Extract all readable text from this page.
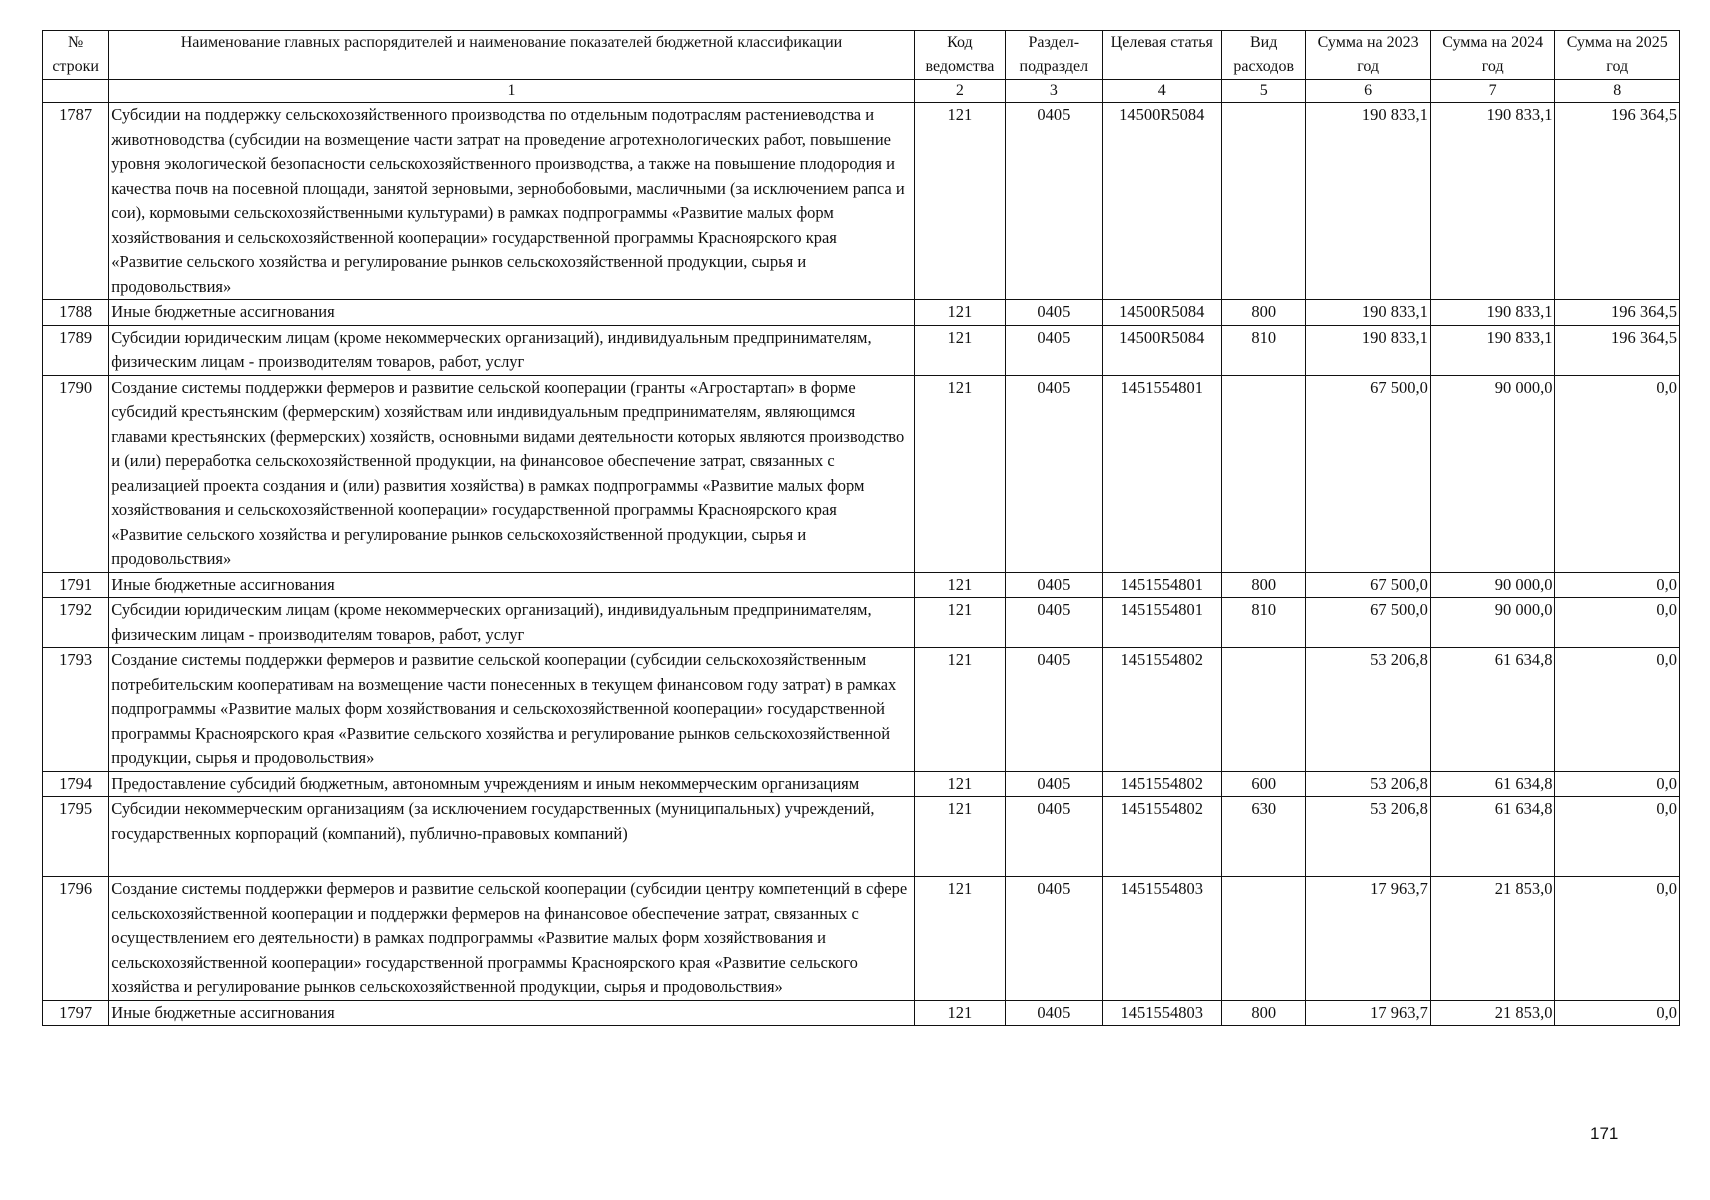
№ строки	Наименование главных распорядителей и наименование показателей бюджетной классификации	Код ведомства	Раздел-подраздел	Целевая статья	Вид расходов	Сумма на 2023 год	Сумма на 2024 год	Сумма на 2025 год
	1	2	3	4	5	6	7	8
1787	Субсидии на поддержку сельскохозяйственного производства по отдельным подотраслям растениеводства и животноводства (субсидии на возмещение части затрат на проведение агротехнологических работ, повышение уровня экологической безопасности сельскохозяйственного производства, а также на повышение плодородия и качества почв на посевной площади, занятой зерновыми, зернобобовыми, масличными (за исключением рапса и сои), кормовыми сельскохозяйственными культурами) в рамках подпрограммы «Развитие малых форм хозяйствования и сельскохозяйственной кооперации» государственной программы Красноярского края «Развитие сельского хозяйства и регулирование рынков сельскохозяйственной продукции, сырья и продовольствия»	121	0405	14500R5084		190 833,1	190 833,1	196 364,5
1788	Иные бюджетные ассигнования	121	0405	14500R5084	800	190 833,1	190 833,1	196 364,5
1789	Субсидии юридическим лицам (кроме некоммерческих организаций), индивидуальным предпринимателям, физическим лицам - производителям товаров, работ, услуг	121	0405	14500R5084	810	190 833,1	190 833,1	196 364,5
1790	Создание системы поддержки фермеров и развитие сельской кооперации (гранты «Агростартап» в форме субсидий крестьянским (фермерским) хозяйствам или индивидуальным предпринимателям, являющимся главами крестьянских (фермерских) хозяйств, основными видами деятельности которых являются производство и (или) переработка сельскохозяйственной продукции, на финансовое обеспечение затрат, связанных с реализацией проекта создания и (или) развития хозяйства) в рамках подпрограммы «Развитие малых форм хозяйствования и сельскохозяйственной кооперации» государственной программы Красноярского края «Развитие сельского хозяйства и регулирование рынков сельскохозяйственной продукции, сырья и продовольствия»	121	0405	1451554801		67 500,0	90 000,0	0,0
1791	Иные бюджетные ассигнования	121	0405	1451554801	800	67 500,0	90 000,0	0,0
1792	Субсидии юридическим лицам (кроме некоммерческих организаций), индивидуальным предпринимателям, физическим лицам - производителям товаров, работ, услуг	121	0405	1451554801	810	67 500,0	90 000,0	0,0
1793	Создание системы поддержки фермеров и развитие сельской кооперации (субсидии сельскохозяйственным потребительским кооперативам на возмещение части понесенных в текущем финансовом году затрат) в рамках подпрограммы «Развитие малых форм хозяйствования и сельскохозяйственной кооперации» государственной программы Красноярского края «Развитие сельского хозяйства и регулирование рынков сельскохозяйственной продукции, сырья и продовольствия»	121	0405	1451554802		53 206,8	61 634,8	0,0
1794	Предоставление субсидий бюджетным, автономным учреждениям и иным некоммерческим организациям	121	0405	1451554802	600	53 206,8	61 634,8	0,0
1795	Субсидии некоммерческим организациям (за исключением государственных (муниципальных) учреждений, государственных корпораций (компаний), публично-правовых компаний)	121	0405	1451554802	630	53 206,8	61 634,8	0,0
1796	Создание системы поддержки фермеров и развитие сельской кооперации (субсидии центру компетенций в сфере сельскохозяйственной кооперации и поддержки фермеров на финансовое обеспечение затрат, связанных с осуществлением его деятельности) в рамках подпрограммы «Развитие малых форм хозяйствования и сельскохозяйственной кооперации» государственной программы Красноярского края «Развитие сельского хозяйства и регулирование рынков сельскохозяйственной продукции, сырья и продовольствия»	121	0405	1451554803		17 963,7	21 853,0	0,0
1797	Иные бюджетные ассигнования	121	0405	1451554803	800	17 963,7	21 853,0	0,0
171
